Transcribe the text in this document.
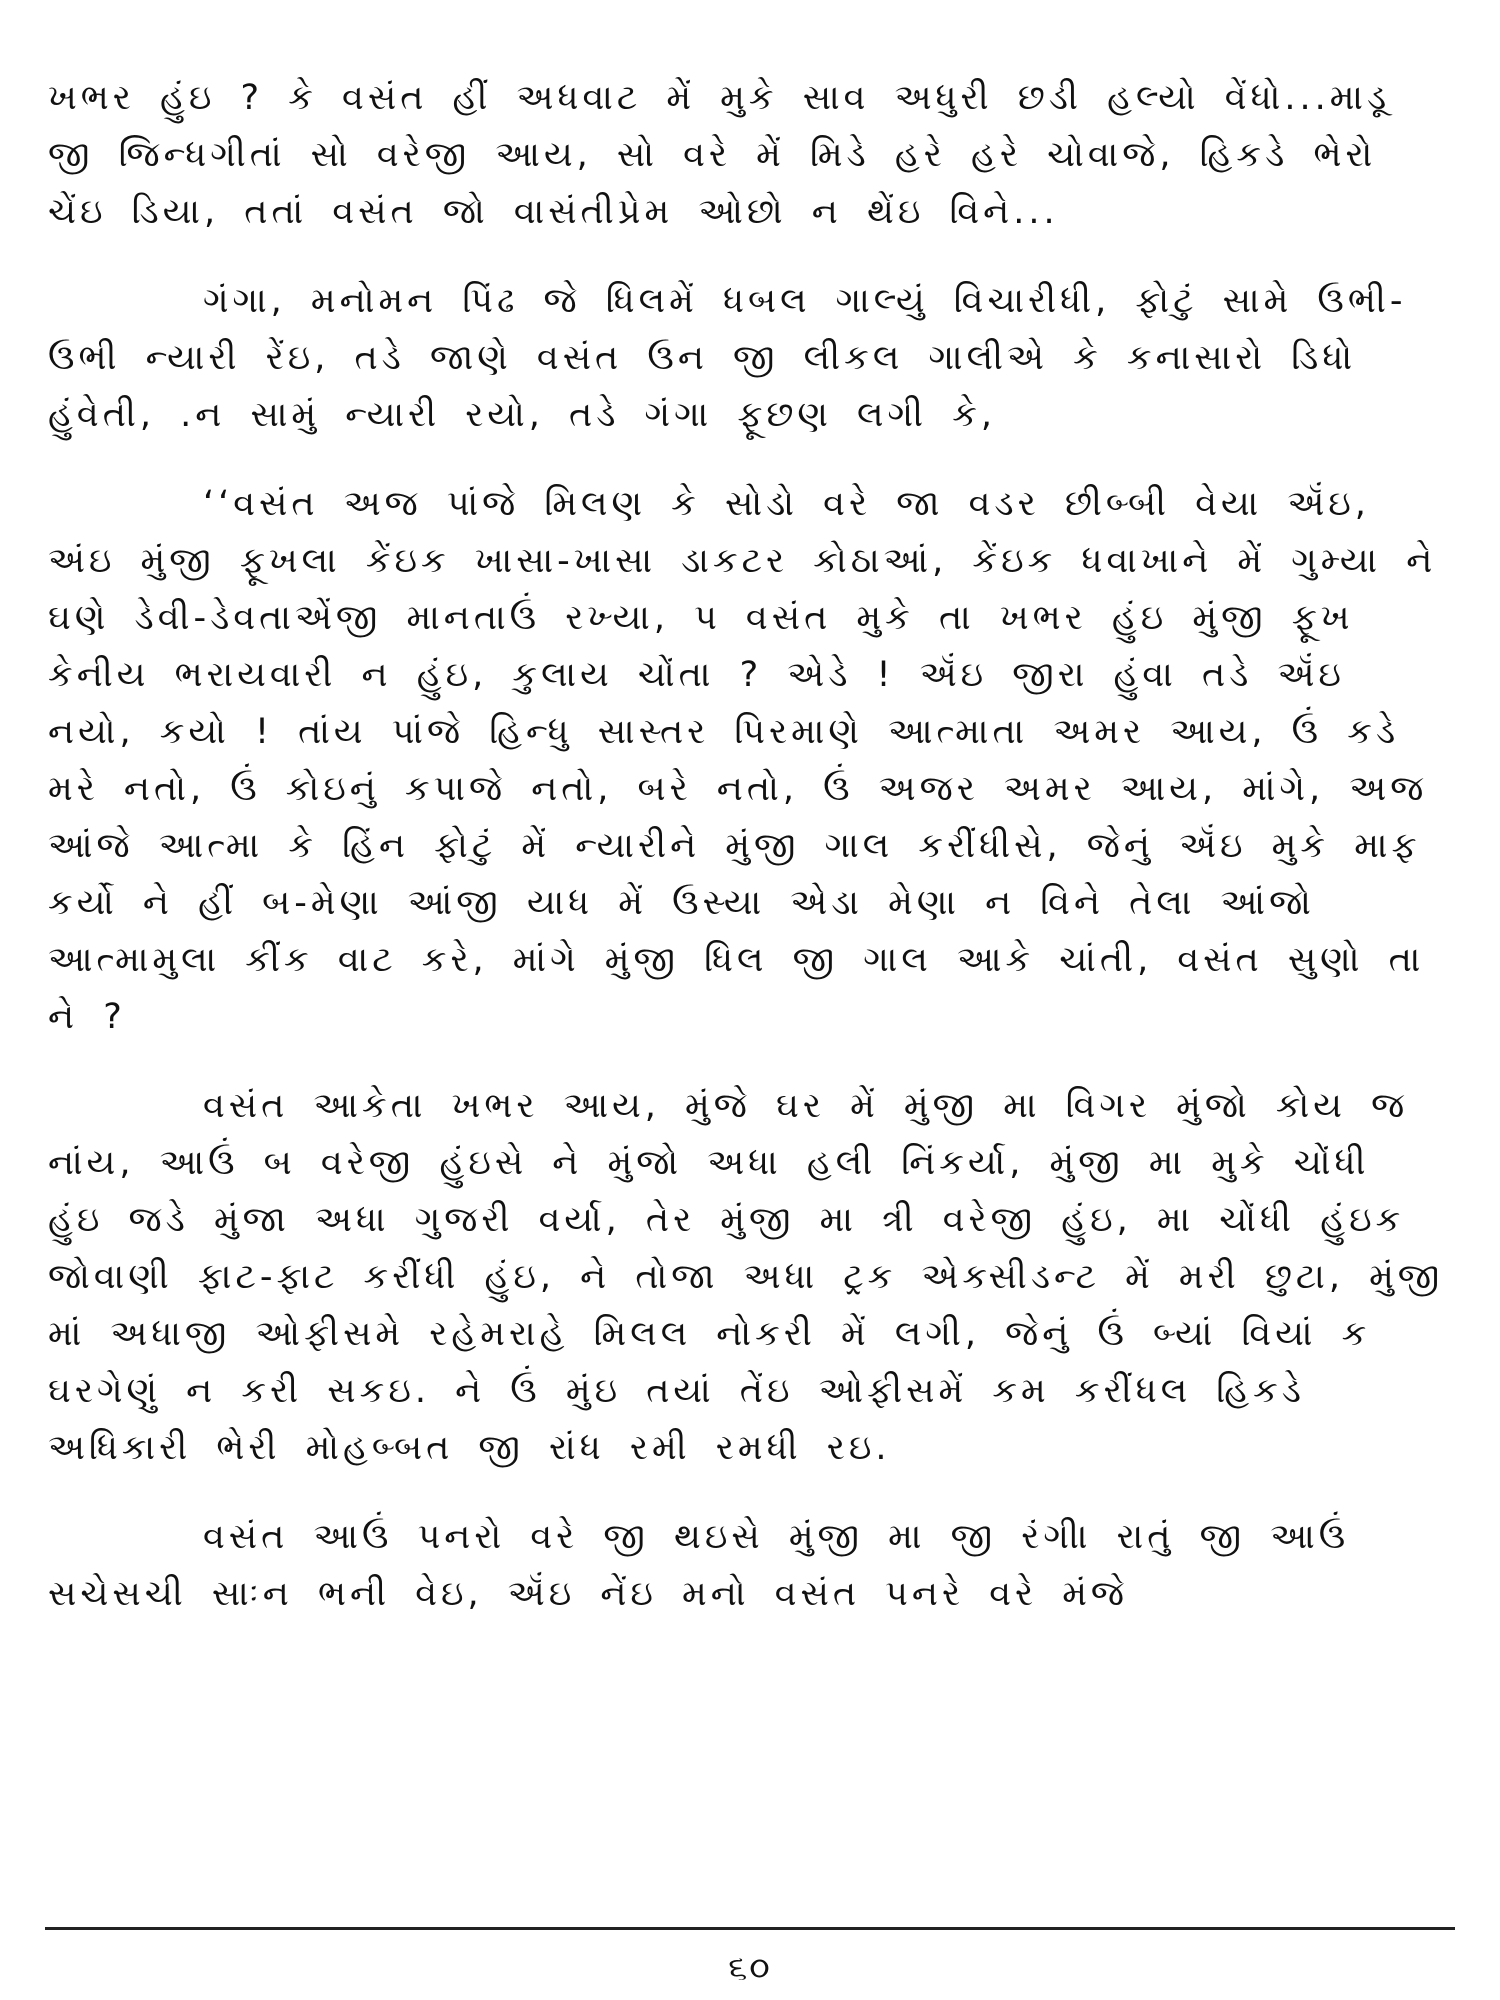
ખભર હુંઇ ? કે વસંત હીં અધવાટ મેં મુકે સાવ અધુરી છડી હલ્યો વેંધો...માડૂ જી જિન્ધગીતાં સો વરેજી આય, સો વરે મેં મિડે હરે હરે ચોવાજે, હિકડે ભેરો ચેંઇ ડિયા, તતાં વસંત જો વાસંતીપ્રેમ ઓછો ન થેંઇ વિને...

ગંગા, મનોમન પિંઢ જે ધિલમેં ધબલ ગાલ્યું વિચારીધી, ફોટું સામે ઉભી-ઉભી ન્યારી રેંઇ, તડે જાણે વસંત ઉન જી લીકલ ગાલીએ કે કનાસારો ડિધો હુંવેતી, .ન સામું ન્યારી રયો, તડે ગંગા ફૂછણ લગી કે,

‘‘વસંત અજ પાંજે મિલણ કે સોડો વરે જા વડર છીબ્બી વેયા ઍંઇ, અંઇ મુંજી ફૂખલા કેંઇક ખાસા-ખાસા ડાકટર કોઠાઆં, કેંઇક ધવાખાને મેં ગુમ્યા ને ઘણે ડેવી-ડેવતાએંજી માનતાઉં રખ્યા, પ વસંત મુકે તા ખભર હુંઇ મુંજી ફૂખ કેનીય ભરાયવારી ન હુંઇ, કુલાય ચોંતા ? એડે ! ઍંઇ જીરા હુંવા તડે ઍંઇ નયો, કયો ! તાંય પાંજે હિન્ધુ સાસ્તર પિરમાણે આત્માતા અમર આય, ઉં કડે મરે નતો, ઉં કોઇનું કપાજે નતો, બરે નતો, ઉં અજર અમર આય, માંગે, અજ આંજે આત્મા કે હિંન ફોટું મેં ન્યારીને મુંજી ગાલ કરીંધીસે, જેનું ઍંઇ મુકે માફ કર્યો ને હીં બ-મેણા આંજી યાધ મેં ઉસ્યા એડા મેણા ન વિને તેલા આંજો આત્મામુલા કીંક વાટ કરે, માંગે મુંજી ધિલ જી ગાલ આકે ચાંતી, વસંત સુણો તા ને ?

વસંત આકેતા ખભર આય, મુંજે ઘર મેં મુંજી મા વિગર મુંજો કોય જ નાંય, આઉં બ વરેજી હુંઇસે ને મુંજો અધા હલી નિંકર્યા, મુંજી મા મુકે ચોંધી હુંઇ જડે મુંજા અધા ગુજરી વર્યા, તેર મુંજી મા ત્રી વરેજી હુંઇ, મા ચોંધી હુંઇક જોવાણી ફાટ-ફાટ કરીંધી હુંઇ, ને તોજા અધા ટ્રક એક્સીડન્ટ મેં મરી છુટા, મુંજી માં અધાજી ઓફીસમે રહેમરાહે મિલલ નોકરી મેં લગી, જેનું ઉં બ્યાં વિયાં ક ઘરગેણું ન કરી સકઇ. ને ઉં મુંઇ તયાં તેંઇ ઓફીસમેં કમ કરીંધલ હિકડે અધિકારી ભેરી મોહબ્બત જી રાંધ રમી રમધી રઇ.

વસંત આઉં પનરો વરે જી થઇસે મુંજી મા જી રંગીા રાતું જી આઉં સચેસચી સાઃન ભની વેઇ, ઍંઇ નેંઇ મનો વસંત પનરે વરે મંજે

૬૦
